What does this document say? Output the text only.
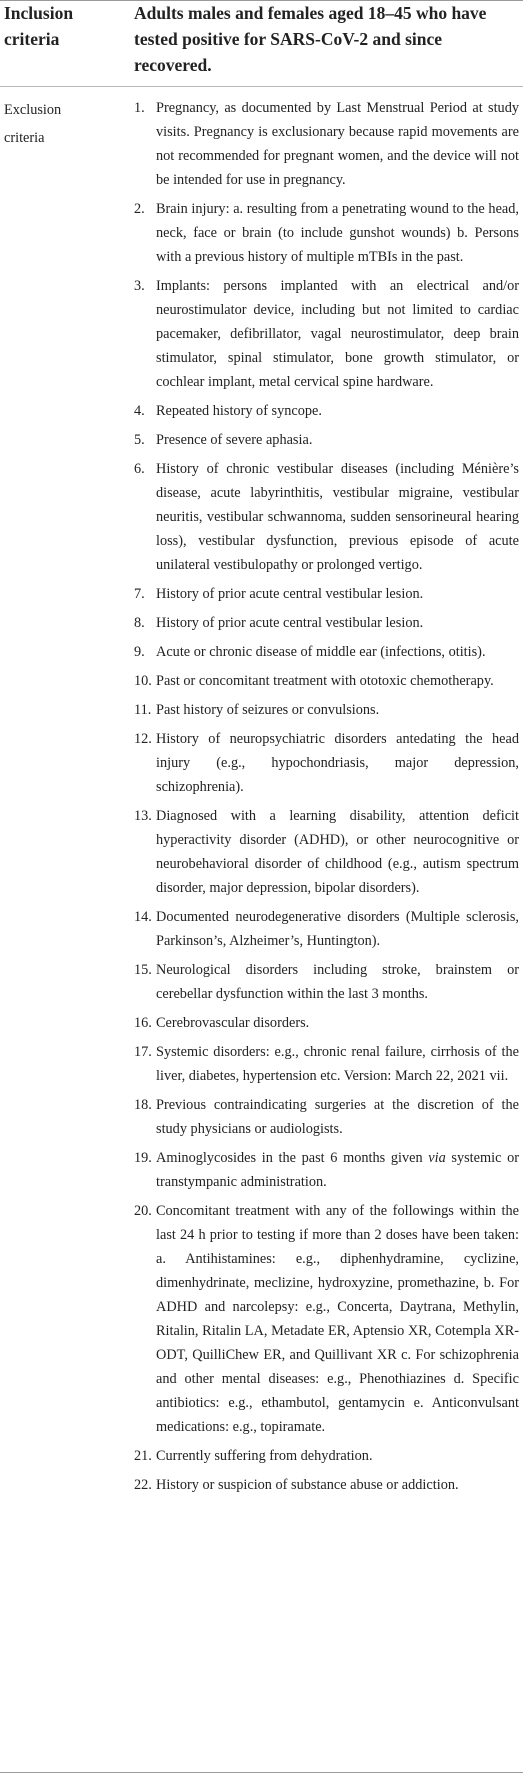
Inclusion criteria
Adults males and females aged 18–45 who have tested positive for SARS-CoV-2 and since recovered.
Exclusion criteria
1. Pregnancy, as documented by Last Menstrual Period at study visits. Pregnancy is exclusionary because rapid movements are not recommended for pregnant women, and the device will not be intended for use in pregnancy.
2. Brain injury: a. resulting from a penetrating wound to the head, neck, face or brain (to include gunshot wounds) b. Persons with a previous history of multiple mTBIs in the past.
3. Implants: persons implanted with an electrical and/or neurostimulator device, including but not limited to cardiac pacemaker, defibrillator, vagal neurostimulator, deep brain stimulator, spinal stimulator, bone growth stimulator, or cochlear implant, metal cervical spine hardware.
4. Repeated history of syncope.
5. Presence of severe aphasia.
6. History of chronic vestibular diseases (including Ménière’s disease, acute labyrinthitis, vestibular migraine, vestibular neuritis, vestibular schwannoma, sudden sensorineural hearing loss), vestibular dysfunction, previous episode of acute unilateral vestibulopathy or prolonged vertigo.
7. History of prior acute central vestibular lesion.
8. History of prior acute central vestibular lesion.
9. Acute or chronic disease of middle ear (infections, otitis).
10. Past or concomitant treatment with ototoxic chemotherapy.
11. Past history of seizures or convulsions.
12. History of neuropsychiatric disorders antedating the head injury (e.g., hypochondriasis, major depression, schizophrenia).
13. Diagnosed with a learning disability, attention deficit hyperactivity disorder (ADHD), or other neurocognitive or neurobehavioral disorder of childhood (e.g., autism spectrum disorder, major depression, bipolar disorders).
14. Documented neurodegenerative disorders (Multiple sclerosis, Parkinson’s, Alzheimer’s, Huntington).
15. Neurological disorders including stroke, brainstem or cerebellar dysfunction within the last 3 months.
16. Cerebrovascular disorders.
17. Systemic disorders: e.g., chronic renal failure, cirrhosis of the liver, diabetes, hypertension etc. Version: March 22, 2021 vii.
18. Previous contraindicating surgeries at the discretion of the study physicians or audiologists.
19. Aminoglycosides in the past 6 months given via systemic or transtympanic administration.
20. Concomitant treatment with any of the followings within the last 24 h prior to testing if more than 2 doses have been taken: a. Antihistamines: e.g., diphenhydramine, cyclizine, dimenhydrinate, meclizine, hydroxyzine, promethazine, b. For ADHD and narcolepsy: e.g., Concerta, Daytrana, Methylin, Ritalin, Ritalin LA, Metadate ER, Aptensio XR, Cotempla XR-ODT, QuilliChew ER, and Quillivant XR c. For schizophrenia and other mental diseases: e.g., Phenothiazines d. Specific antibiotics: e.g., ethambutol, gentamycin e. Anticonvulsant medications: e.g., topiramate.
21. Currently suffering from dehydration.
22. History or suspicion of substance abuse or addiction.
